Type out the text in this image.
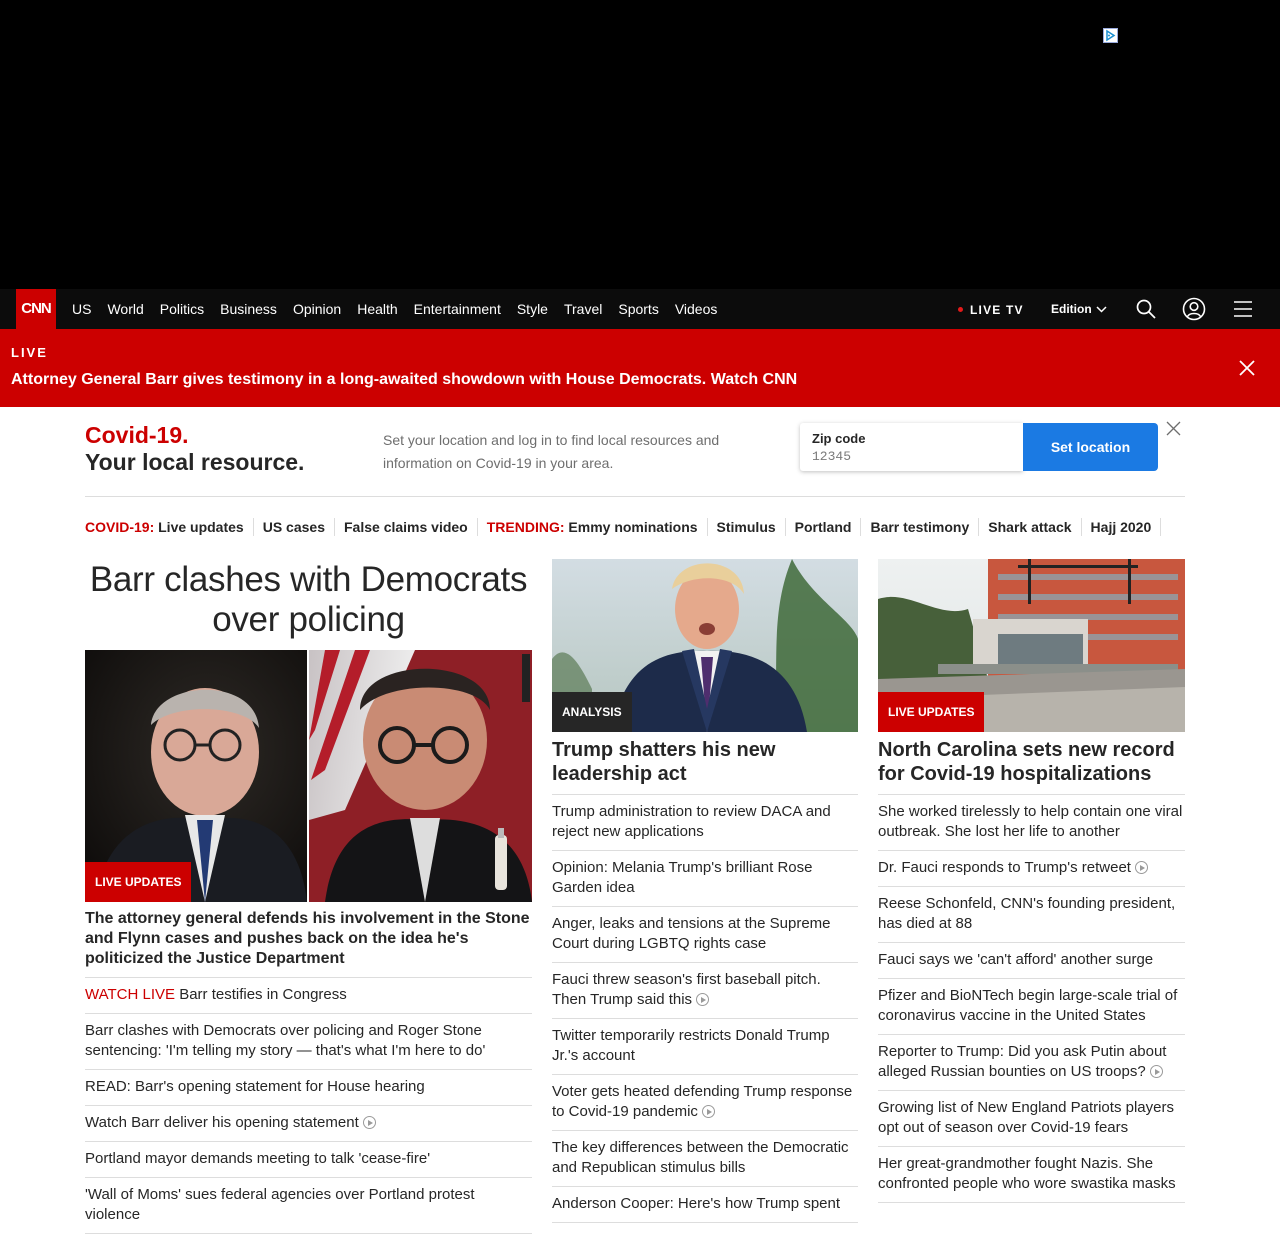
CNN	US World Politics Business Opinion Health Entertainment Style Travel Sports Videos	LIVE TV Edition
LIVE
Attorney General Barr gives testimony in a long-awaited showdown with House Democrats. Watch CNN
Covid-19.
Your local resource.
Set your location and log in to find local resources and information on Covid-19 in your area.
Zip code
12345
Set location
COVID-19: Live updates US cases False claims video TRENDING: Emmy nominations Stimulus Portland Barr testimony Shark attack Hajj 2020
Barr clashes with Democrats over policing
LIVE UPDATES
The attorney general defends his involvement in the Stone and Flynn cases and pushes back on the idea he's politicized the Justice Department
WATCH LIVE Barr testifies in Congress
Barr clashes with Democrats over policing and Roger Stone sentencing: 'I'm telling my story — that's what I'm here to do'
READ: Barr's opening statement for House hearing
Watch Barr deliver his opening statement
Portland mayor demands meeting to talk 'cease-fire'
'Wall of Moms' sues federal agencies over Portland protest violence
ANALYSIS
Trump shatters his new leadership act
Trump administration to review DACA and reject new applications
Opinion: Melania Trump's brilliant Rose Garden idea
Anger, leaks and tensions at the Supreme Court during LGBTQ rights case
Fauci threw season's first baseball pitch. Then Trump said this
Twitter temporarily restricts Donald Trump Jr.'s account
Voter gets heated defending Trump response to Covid-19 pandemic
The key differences between the Democratic and Republican stimulus bills
Anderson Cooper: Here's how Trump spent
LIVE UPDATES
North Carolina sets new record for Covid-19 hospitalizations
She worked tirelessly to help contain one viral outbreak. She lost her life to another
Dr. Fauci responds to Trump's retweet
Reese Schonfeld, CNN's founding president, has died at 88
Fauci says we 'can't afford' another surge
Pfizer and BioNTech begin large-scale trial of coronavirus vaccine in the United States
Reporter to Trump: Did you ask Putin about alleged Russian bounties on US troops?
Growing list of New England Patriots players opt out of season over Covid-19 fears
Her great-grandmother fought Nazis. She confronted people who wore swastika masks
